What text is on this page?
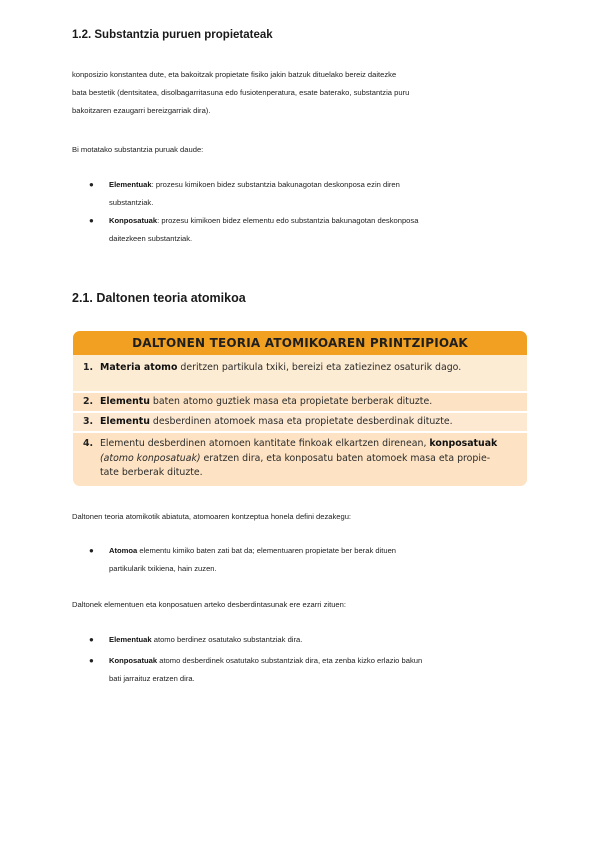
1.2. Substantzia puruen propietateak
konposizio konstantea dute, eta bakoitzak propietate fisiko jakin batzuk dituelako bereiz daitezke
bata bestetik (dentsitatea, disolbagarritasuna edo fusiotenperatura, esate baterako, substantzia puru
bakoitzaren ezaugarri bereizgarriak dira).
Bi motatako substantzia puruak daude:
● Elementuak: prozesu kimikoen bidez substantzia bakunagotan deskonposa ezin diren
substantziak.
● Konposatuak: prozesu kimikoen bidez elementu edo substantzia bakunagotan deskonposa
daitezkeen substantziak.
2.1. Daltonen teoria atomikoa
DALTONEN TEORIA ATOMIKOAREN PRINTZIPIOAK
1. Materia atomo deritzen partikula txiki, bereizi eta zatiezinez osaturik dago.
2. Elementu baten atomo guztiek masa eta propietate berberak dituzte.
3. Elementu desberdinen atomoek masa eta propietate desberdinak dituzte.
4. Elementu desberdinen atomoen kantitate finkoak elkartzen direnean, konposatuak
(atomo konposatuak) eratzen dira, eta konposatu baten atomoek masa eta propie-
tate berberak dituzte.
Daltonen teoria atomikotik abiatuta, atomoaren kontzeptua honela defini dezakegu:
● Atomoa elementu kimiko baten zati bat da; elementuaren propietate ber berak dituen
partikularik txikiena, hain zuzen.
Daltonek elementuen eta konposatuen arteko desberdintasunak ere ezarri zituen:
● Elementuak atomo berdinez osatutako substantziak dira.
● Konposatuak atomo desberdinek osatutako substantziak dira, eta zenba kizko erlazio bakun
bati jarraituz eratzen dira.
